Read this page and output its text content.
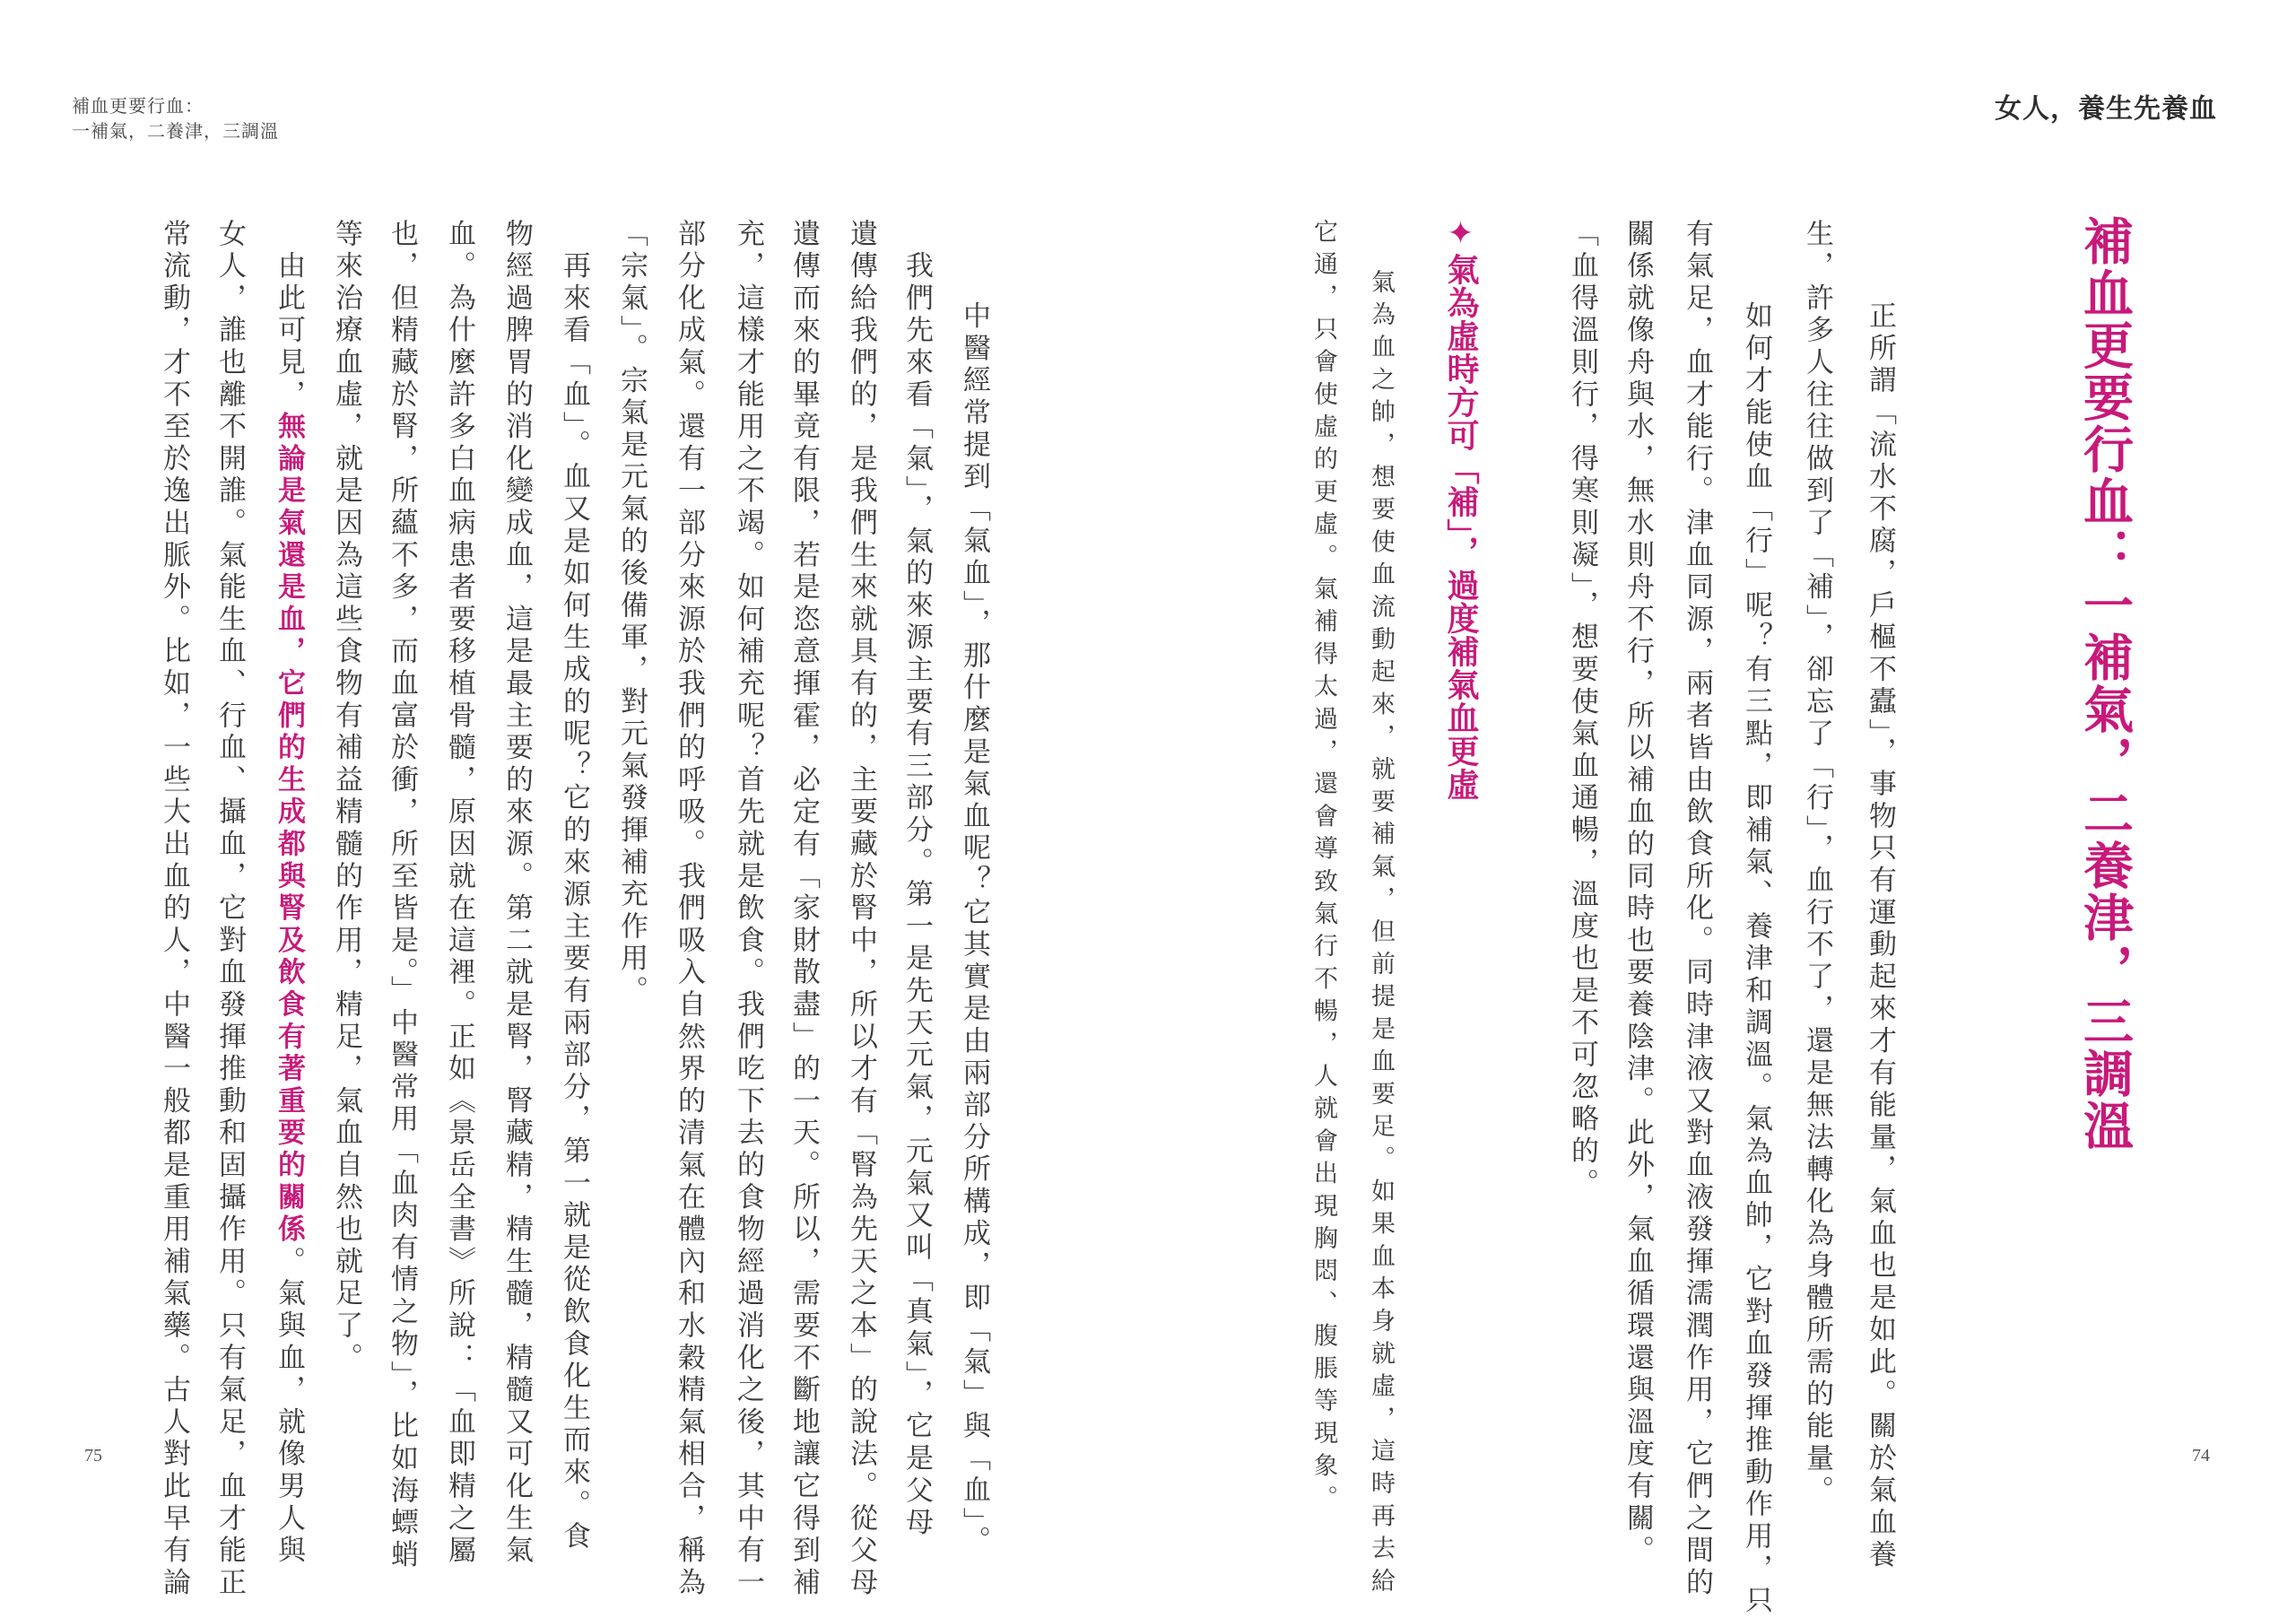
女人，養生先養血
補血更要行血：
一補氣，二養津，三調溫
補血更要行血：一補氣，二養津，三調溫
　正所謂「流水不腐，戶樞不蠹」，事物只有運動起來才有能量，氣血也是如此。關於氣血養
生，許多人往往做到了「補」，卻忘了「行」，血行不了，還是無法轉化為身體所需的能量。
　如何才能使血「行」呢？有三點，即補氣、養津和調溫。氣為血帥，它對血發揮推動作用，只
有氣足，血才能行。津血同源，兩者皆由飲食所化。同時津液又對血液發揮濡潤作用，它們之間的
關係就像舟與水，無水則舟不行，所以補血的同時也要養陰津。此外，氣血循環還與溫度有關。
「血得溫則行，得寒則凝」，想要使氣血通暢，溫度也是不可忽略的。
✦氣為虛時方可「補」，過度補氣血更虛
氣為血之帥，想要使血流動起來，就要補氣，但前提是血要足。如果血本身就虛，這時再去給
它通，只會使虛的更虛。氣補得太過，還會導致氣行不暢，人就會出現胸悶、腹脹等現象。
　中醫經常提到「氣血」，那什麼是氣血呢？它其實是由兩部分所構成，即「氣」與「血」。
　我們先來看「氣」，氣的來源主要有三部分。第一是先天元氣，元氣又叫「真氣」，它是父母
遺傳給我們的，是我們生來就具有的，主要藏於腎中，所以才有「腎為先天之本」的說法。從父母
遺傳而來的畢竟有限，若是恣意揮霍，必定有「家財散盡」的一天。所以，需要不斷地讓它得到補
充，這樣才能用之不竭。如何補充呢？首先就是飲食。我們吃下去的食物經過消化之後，其中有一
部分化成氣。還有一部分來源於我們的呼吸。我們吸入自然界的清氣在體內和水穀精氣相合，稱為
「宗氣」。宗氣是元氣的後備軍，對元氣發揮補充作用。
　再來看「血」。血又是如何生成的呢？它的來源主要有兩部分，第一就是從飲食化生而來。食
物經過脾胃的消化變成血，這是最主要的來源。第二就是腎，腎藏精，精生髓，精髓又可化生氣
血。為什麼許多白血病患者要移植骨髓，原因就在這裡。正如《景岳全書》所說：「血即精之屬
也，但精藏於腎，所蘊不多，而血富於衝，所至皆是。」中醫常用「血肉有情之物」，比如海螵蛸
等來治療血虛，就是因為這些食物有補益精髓的作用，精足，氣血自然也就足了。
　由此可見，無論是氣還是血，它們的生成都與腎及飲食有著重要的關係。氣與血，就像男人與
女人，誰也離不開誰。氣能生血、行血、攝血，它對血發揮推動和固攝作用。只有氣足，血才能正
常流動，才不至於逸出脈外。比如，一些大出血的人，中醫一般都是重用補氣藥。古人對此早有論
75	74
